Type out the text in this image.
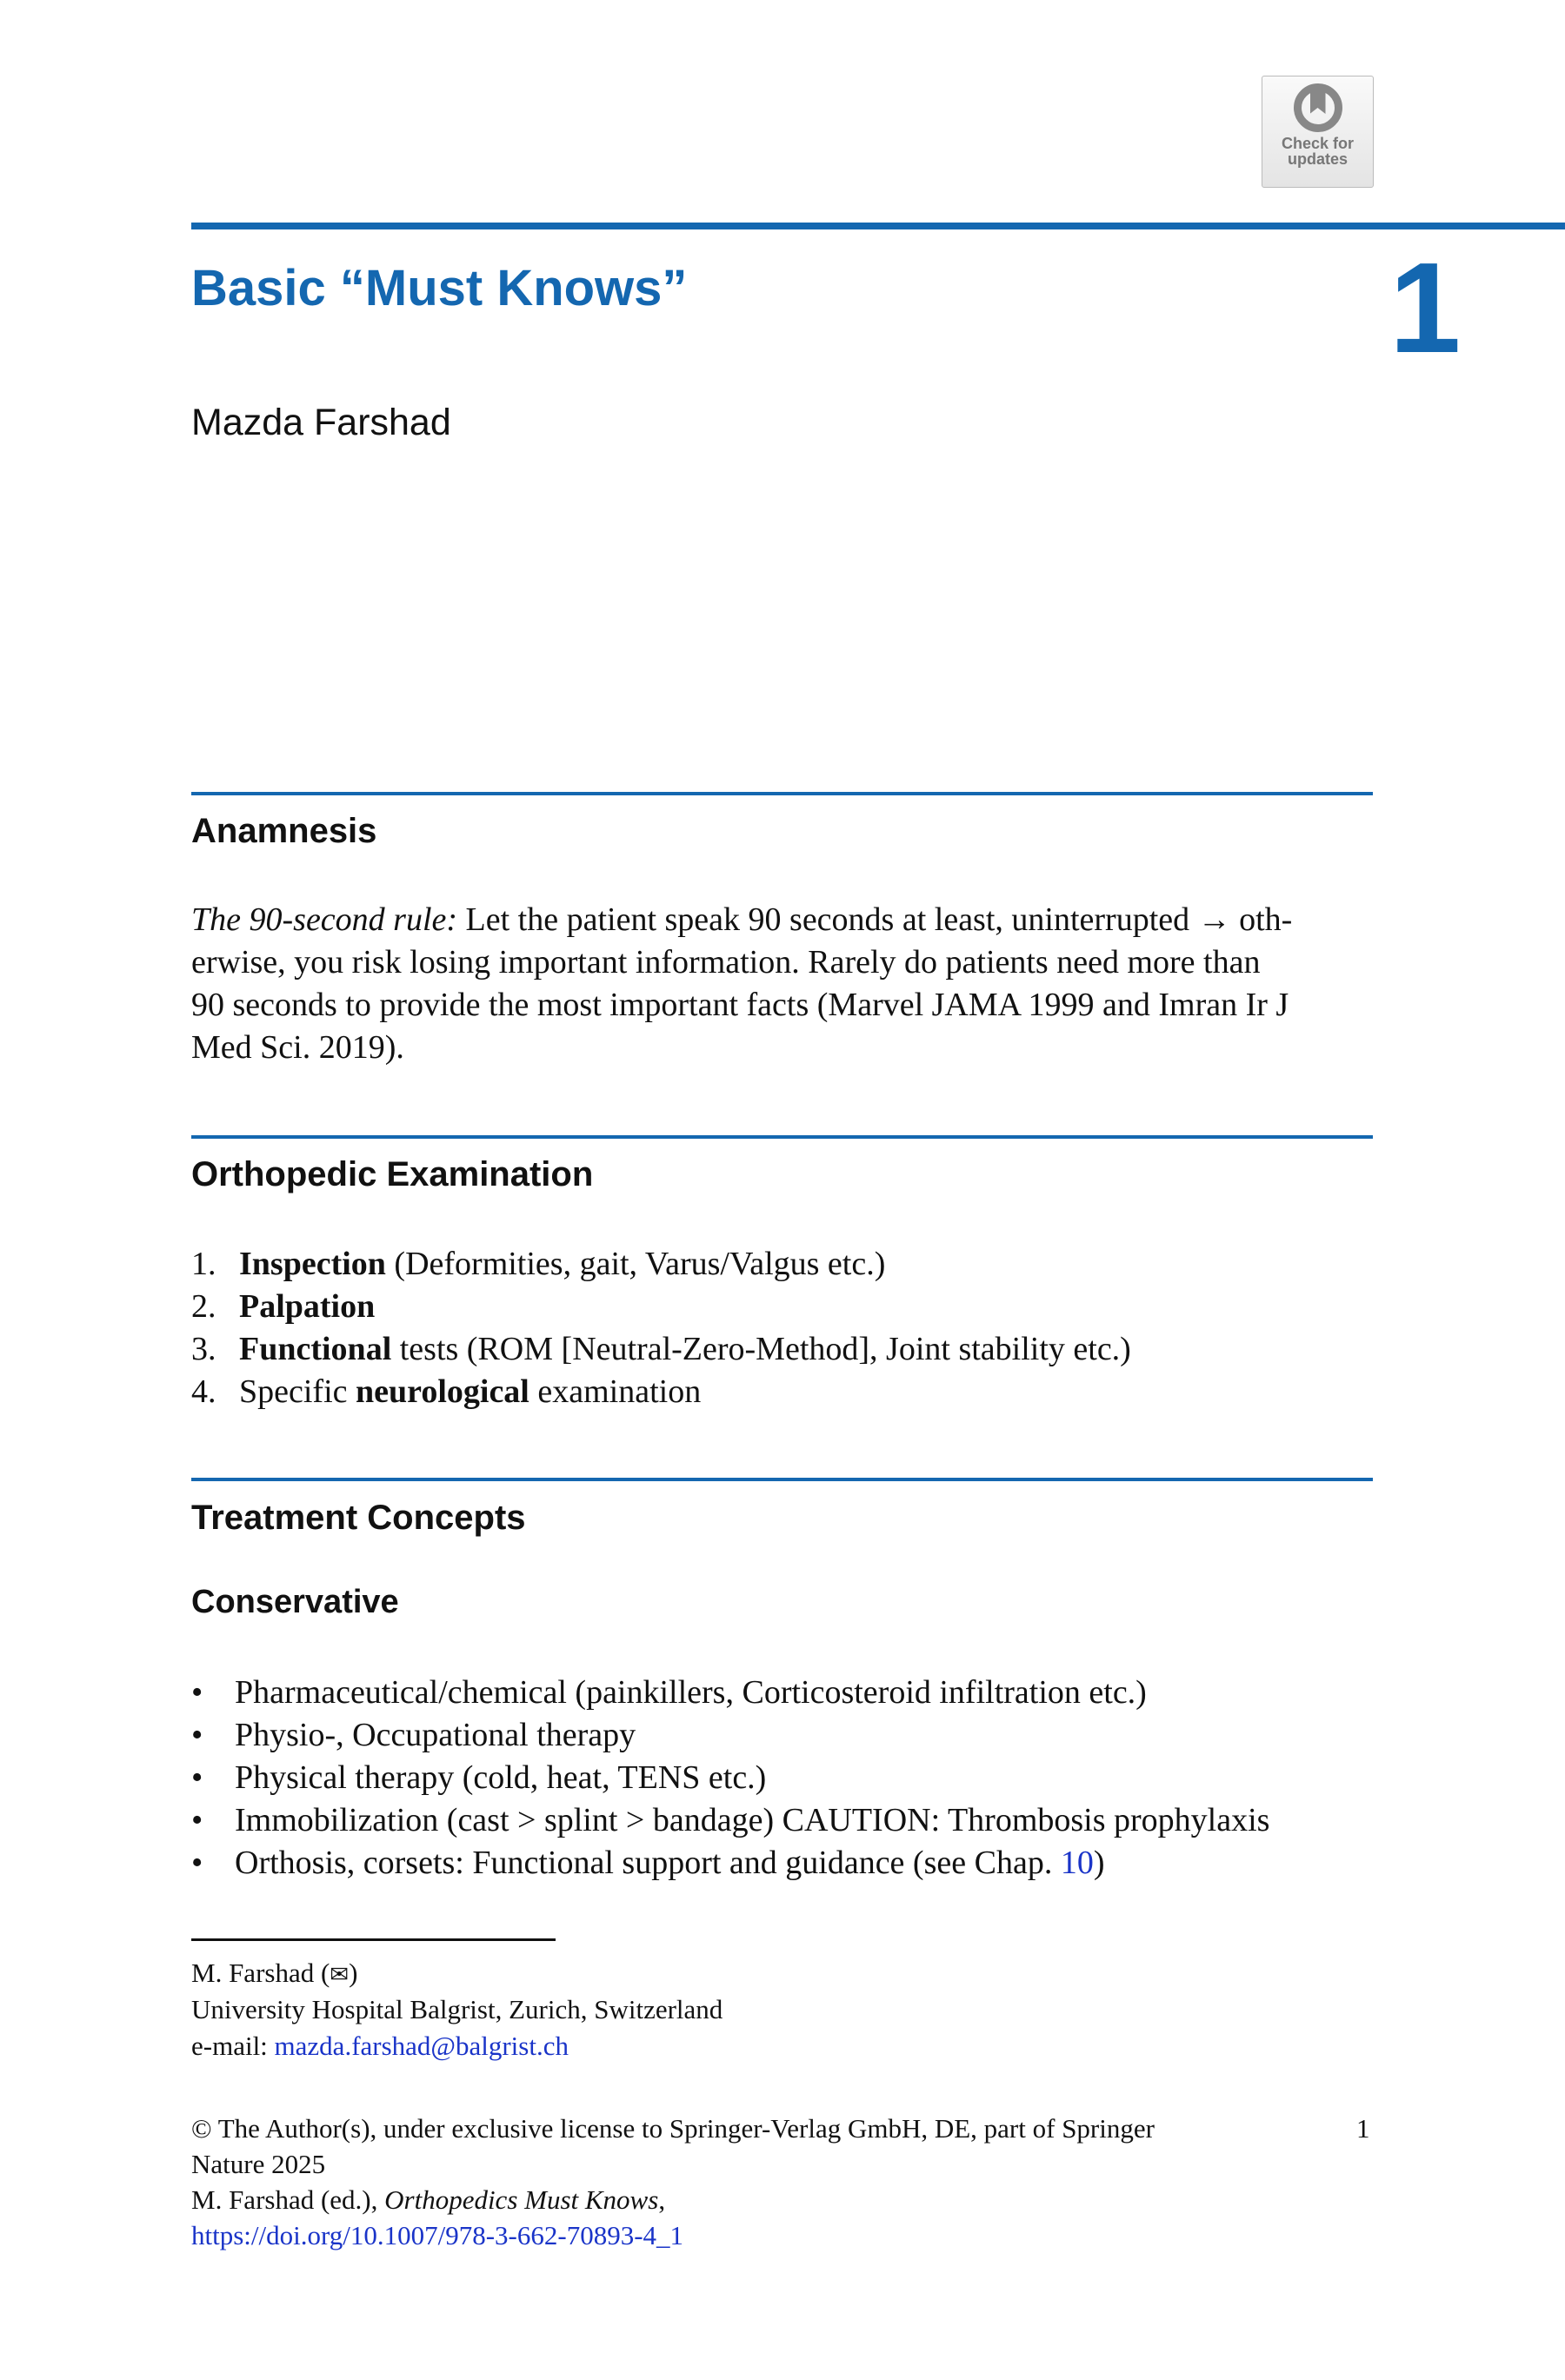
Check for
updates
Basic “Must Knows”	1
Mazda Farshad
Anamnesis
The 90-second rule: Let the patient speak 90 seconds at least, uninterrupted → oth-
erwise, you risk losing important information. Rarely do patients need more than
90 seconds to provide the most important facts (Marvel JAMA 1999 and Imran Ir J
Med Sci. 2019).
Orthopedic Examination
1. Inspection (Deformities, gait, Varus/Valgus etc.)
2. Palpation
3. Functional tests (ROM [Neutral-Zero-Method], Joint stability etc.)
4. Specific neurological examination
Treatment Concepts
Conservative
• Pharmaceutical/chemical (painkillers, Corticosteroid infiltration etc.)
• Physio-, Occupational therapy
• Physical therapy (cold, heat, TENS etc.)
• Immobilization (cast > splint > bandage) CAUTION: Thrombosis prophylaxis
• Orthosis, corsets: Functional support and guidance (see Chap. 10)
M. Farshad (✉)
University Hospital Balgrist, Zurich, Switzerland
e-mail: mazda.farshad@balgrist.ch
© The Author(s), under exclusive license to Springer-Verlag GmbH, DE, part of Springer	1
Nature 2025
M. Farshad (ed.), Orthopedics Must Knows,
https://doi.org/10.1007/978-3-662-70893-4_1
